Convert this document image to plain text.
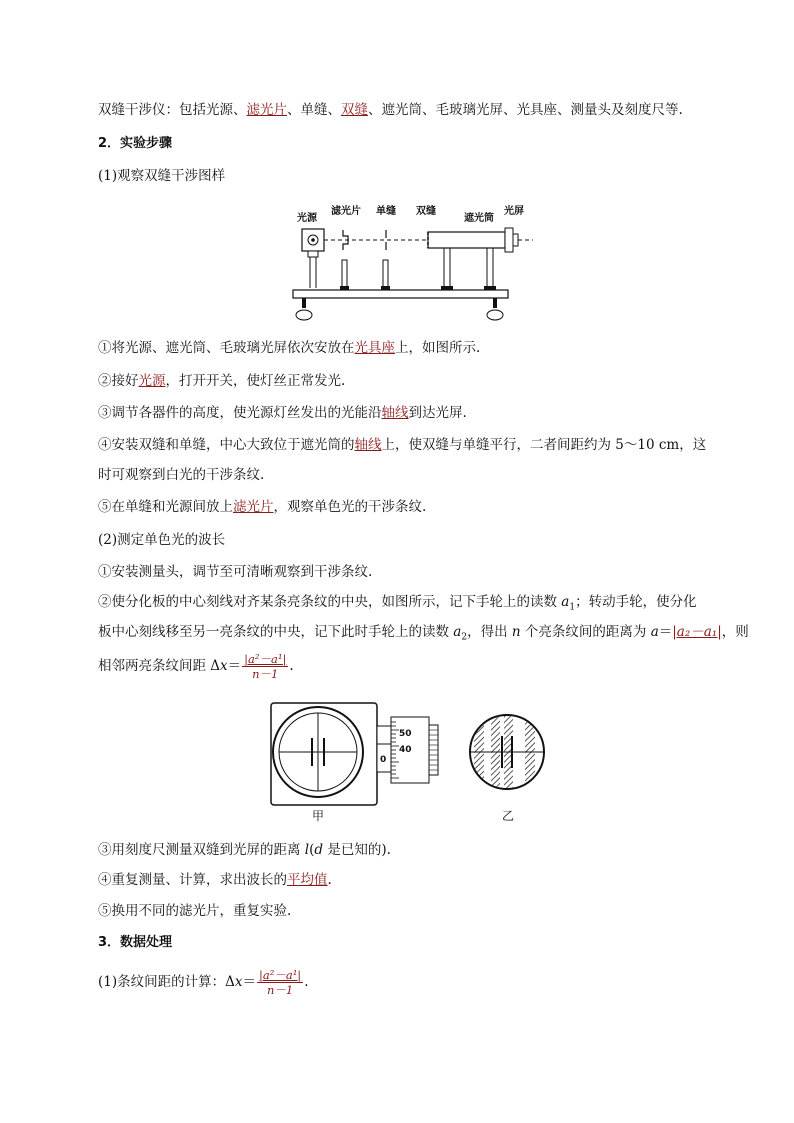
双缝干涉仪：包括光源、滤光片、单缝、双缝、遮光筒、毛玻璃光屏、光具座、测量头及刻度尺等.
2．实验步骤
(1)观察双缝干涉图样
光源
滤光片 单缝 双缝
遮光筒
光屏
①将光源、遮光筒、毛玻璃光屏依次安放在光具座上，如图所示.
②接好光源，打开开关，使灯丝正常发光.
③调节各器件的高度，使光源灯丝发出的光能沿轴线到达光屏.
④安装双缝和单缝，中心大致位于遮光筒的轴线上，使双缝与单缝平行，二者间距约为 5～10 cm，这
时可观察到白光的干涉条纹.
⑤在单缝和光源间放上滤光片，观察单色光的干涉条纹.
(2)测定单色光的波长
①安装测量头，调节至可清晰观察到干涉条纹.
②使分化板的中心刻线对齐某条亮条纹的中央，如图所示，记下手轮上的读数 $a_1$；转动手轮，使分化
板中心刻线移至另一亮条纹的中央，记下此时手轮上的读数 $a_2$，得出 n 个亮条纹间的距离为 a＝|a₂－a₁|，则
相邻两亮条纹间距 $\Delta x= \frac{\text{|a²－a¹|}}{n-1}$ .
50
40
0
甲	乙
③用刻度尺测量双缝到光屏的距离 l(d 是已知的).
④重复测量、计算，求出波长的平均值.
⑤换用不同的滤光片，重复实验.
3．数据处理
(1)条纹间距的计算：$\Delta x= \frac{\text{|a²－a¹|}}{n-1}$ .
